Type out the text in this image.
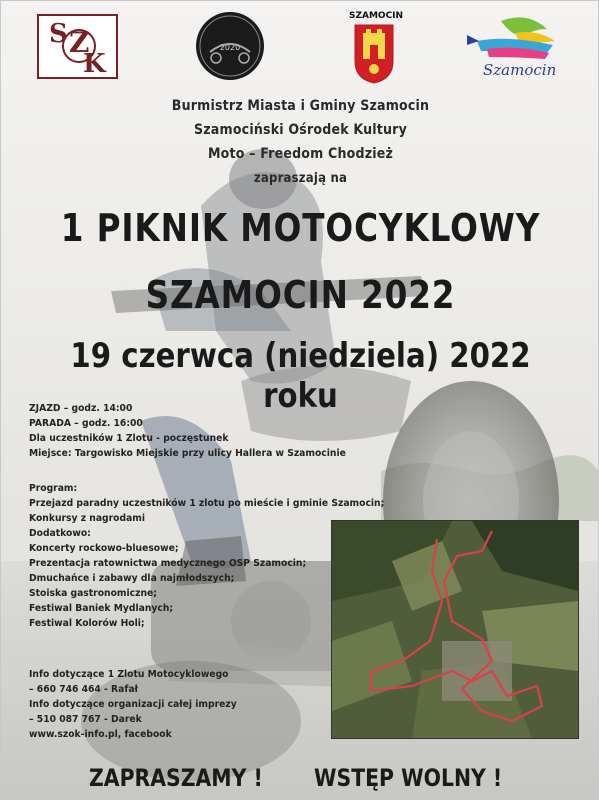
S Z
K
2020
SZAMOCIN
Szamocin
Burmistrz Miasta i Gminy Szamocin
Szamociński Ośrodek Kultury
Moto – Freedom Chodzież
zapraszają na
1 PIKNIK MOTOCYKLOWY
SZAMOCIN 2022
19 czerwca (niedziela) 2022 roku
ZJAZD – godz. 14:00
PARADA – godz. 16:00
Dla uczestników 1 Zlotu - poczęstunek
Miejsce: Targowisko Miejskie przy ulicy Hallera w Szamocinie
Program:
Przejazd paradny uczestników 1 zlotu po mieście i gminie Szamocin;
Konkursy z nagrodami
Dodatkowo:
Koncerty rockowo-bluesowe;
Prezentacja ratownictwa medycznego OSP Szamocin;
Dmuchańce i zabawy dla najmłodszych;
Stoiska gastronomiczne;
Festiwal Baniek Mydlanych;
Festiwal Kolorów Holi;
Info dotyczące 1 Zlotu Motocyklowego
– 660 746 464 - Rafał
Info dotyczące organizacji całej imprezy
– 510 087 767 - Darek
www.szok-info.pl, facebook
ZAPRASZAMY ! WSTĘP WOLNY !
